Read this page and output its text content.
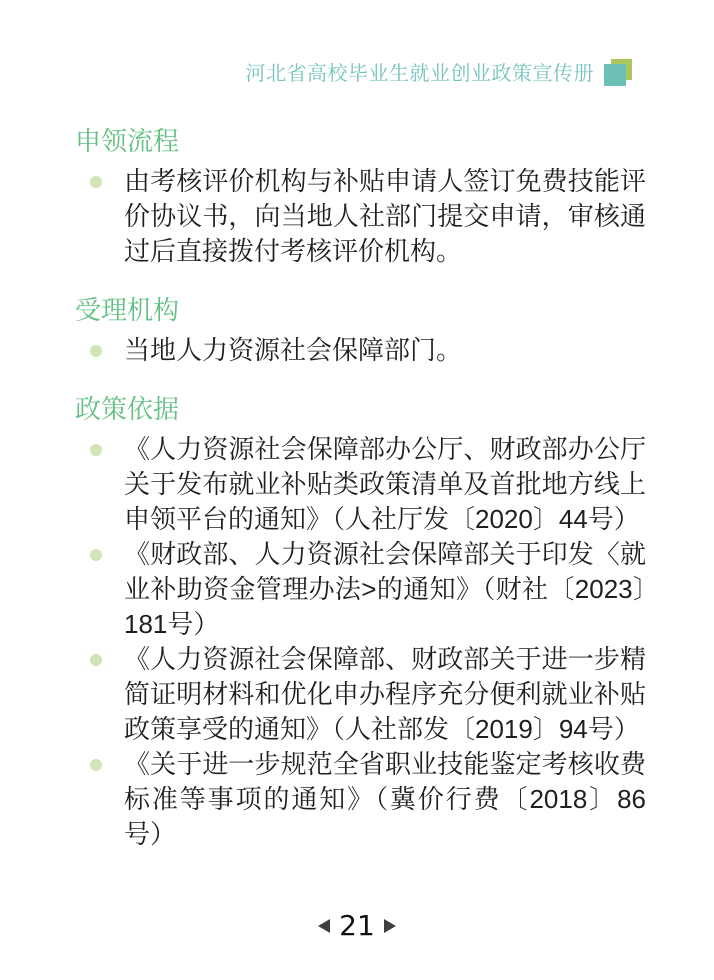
河北省高校毕业生就业创业政策宣传册
申领流程
由考核评价机构与补贴申请人签订免费技能评价协议书，向当地人社部门提交申请，审核通过后直接拨付考核评价机构。
受理机构
当地人力资源社会保障部门。
政策依据
《人力资源社会保障部办公厅、财政部办公厅关于发布就业补贴类政策清单及首批地方线上申领平台的通知》（人社厅发〔2020〕44号）
《财政部、人力资源社会保障部关于印发〈就业补助资金管理办法>的通知》（财社〔2023〕181号）
《人力资源社会保障部、财政部关于进一步精简证明材料和优化申办程序充分便利就业补贴政策享受的通知》（人社部发〔2019〕94号）
《关于进一步规范全省职业技能鉴定考核收费标准等事项的通知》（冀价行费〔2018〕86号）
21
